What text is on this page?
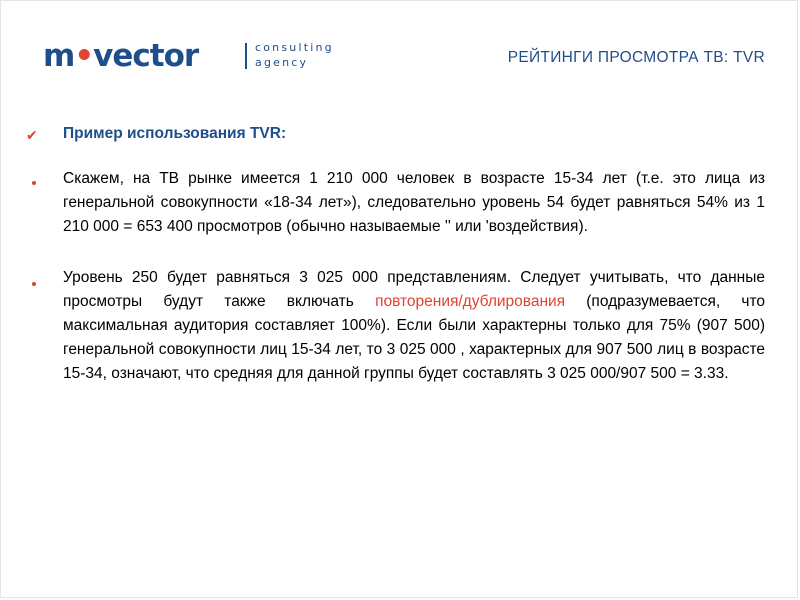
m•vector	consulting
agency	РЕЙТИНГИ ПРОСМОТРА ТВ: TVR
✔ Пример использования TVR:
Скажем, на ТВ рынке имеется 1 210 000 человек в возрасте 15-34 лет (т.е. это лица из генеральной совокупности «18-34 лет»), следовательно уровень 54 будет равняться 54% из 1 210 000 = 653 400 просмотров (обычно называемые '' или 'воздействия).
Уровень 250 будет равняться 3 025 000 представлениям. Следует учитывать, что данные просмотры будут также включать повторения/дублирования (подразумевается, что максимальная аудитория составляет 100%). Если были характерны только для 75% (907 500) генеральной совокупности лиц 15-34 лет, то 3 025 000 , характерных для 907 500 лиц в возрасте 15-34, означают, что средняя для данной группы будет составлять 3 025 000/907 500 = 3.33.
